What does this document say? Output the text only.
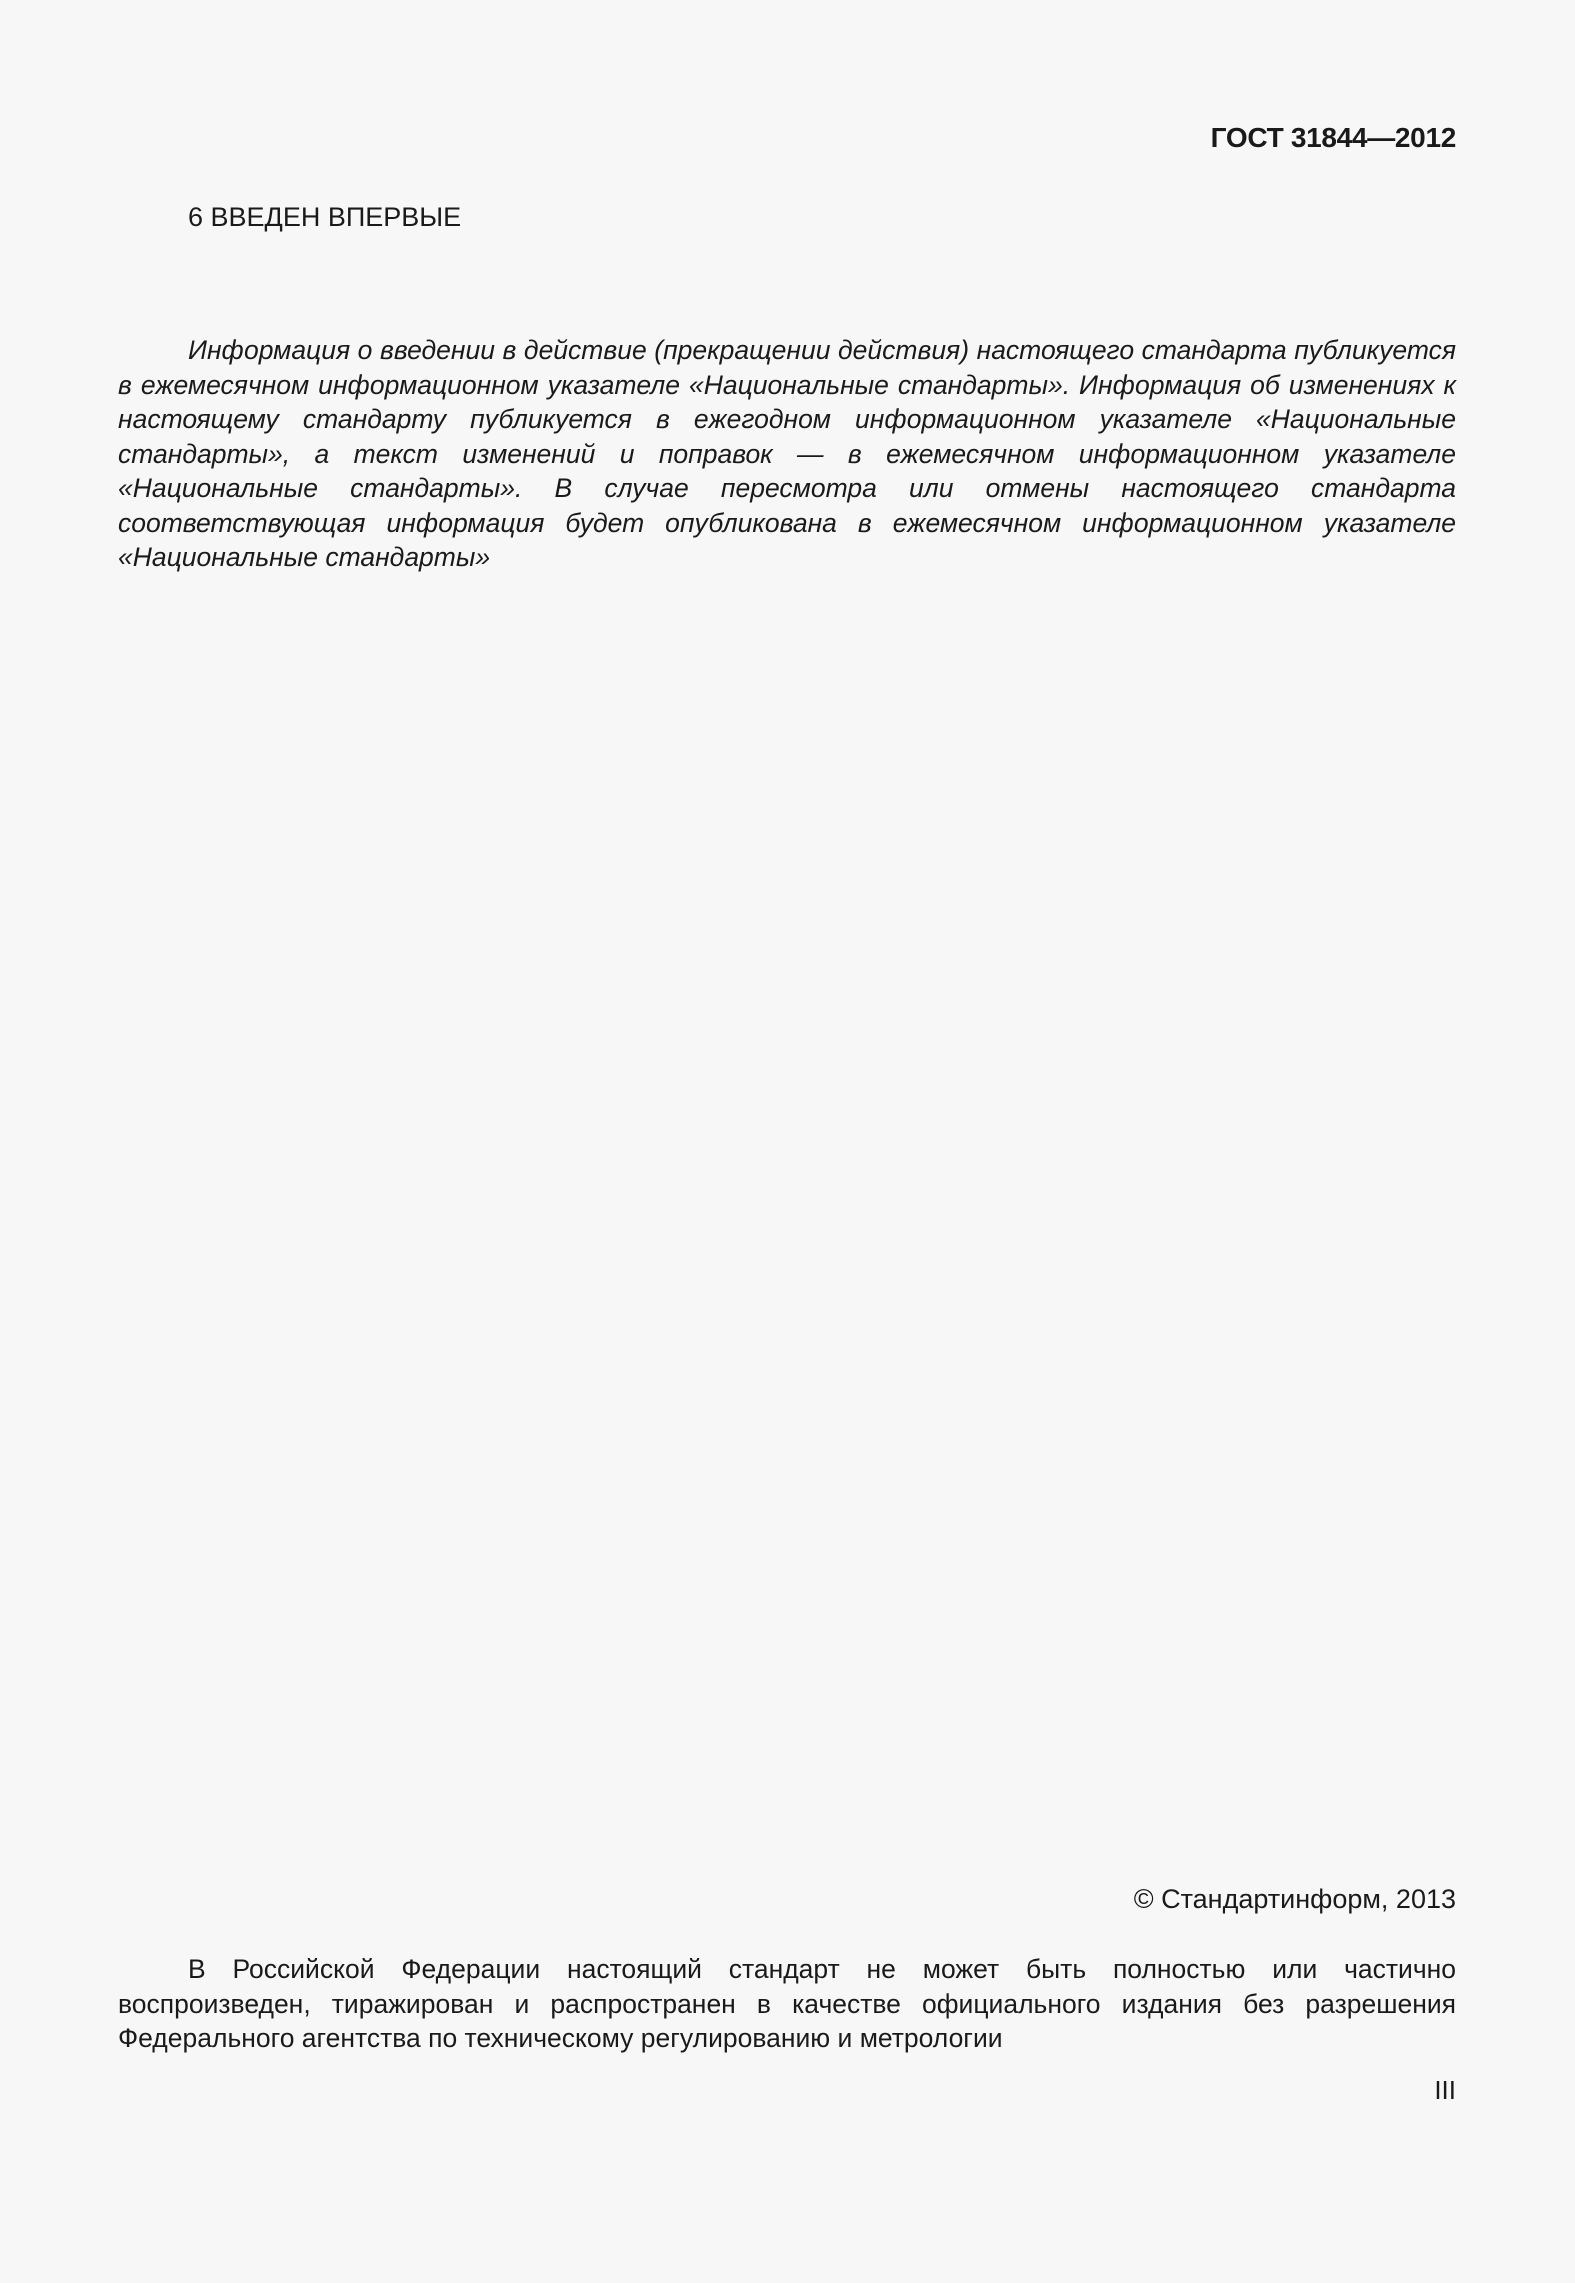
ГОСТ 31844—2012
6 ВВЕДЕН ВПЕРВЫЕ

Информация о введении в действие (прекращении действия) настоящего стандарта публикуется в ежемесячном информационном указателе «Национальные стандарты». Информация об изменениях к настоящему стандарту публикуется в ежегодном информационном указателе «Национальные стандарты», а текст изменений и поправок — в ежемесячном информационном указателе «Национальные стандарты». В случае пересмотра или отмены настоящего стандарта соответствующая информация будет опубликована в ежемесячном информационном указателе «Национальные стандарты»

© Стандартинформ, 2013

В Российской Федерации настоящий стандарт не может быть полностью или частично воспроизведен, тиражирован и распространен в качестве официального издания без разрешения Федерального агентства по техническому регулированию и метрологии

III
